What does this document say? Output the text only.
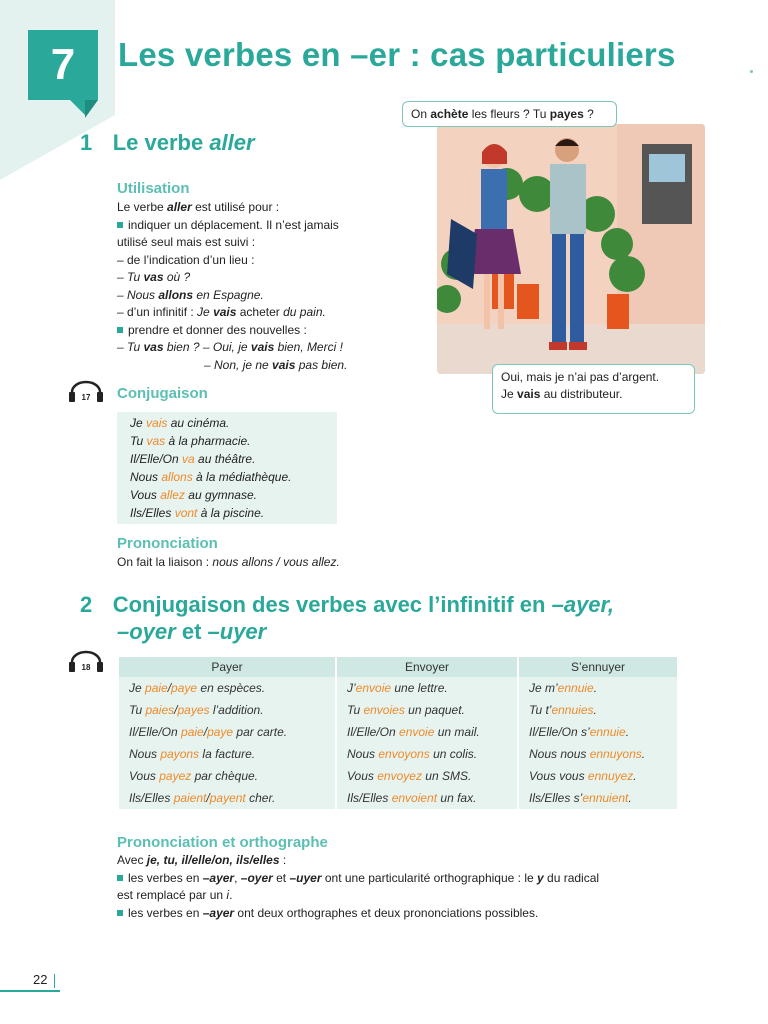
7	Les verbes en –er : cas particuliers
1 Le verbe aller
Utilisation
Le verbe aller est utilisé pour :
indiquer un déplacement. Il n’est jamais
utilisé seul mais est suivi :
– de l’indication d’un lieu :
– Tu vas où ?
– Nous allons en Espagne.
– d’un infinitif : Je vais acheter du pain.
prendre et donner des nouvelles :
– Tu vas bien ? – Oui, je vais bien, Merci !
– Non, je ne vais pas bien.
17 Conjugaison
Je vais au cinéma.
Tu vas à la pharmacie.
Il/Elle/On va au théâtre.
Nous allons à la médiathèque.
Vous allez au gymnase.
Ils/Elles vont à la piscine.
Prononciation
On fait la liaison : nous allons / vous allez.
On achète les fleurs ? Tu payes ?
Oui, mais je n’ai pas d’argent.
Je vais au distributeur.
2 Conjugaison des verbes avec l’infinitif en –ayer,
–oyer et –uyer
18	Payer	Envoyer	S’ennuyer
Je paie/paye en espèces.	J’envoie une lettre.	Je m’ennuie.
Tu paies/payes l’addition.	Tu envoies un paquet.	Tu t’ennuies.
Il/Elle/On paie/paye par carte.	Il/Elle/On envoie un mail.	Il/Elle/On s’ennuie.
Nous payons la facture.	Nous envoyons un colis.	Nous nous ennuyons.
Vous payez par chèque.	Vous envoyez un SMS.	Vous vous ennuyez.
Ils/Elles paient/payent cher.	Ils/Elles envoient un fax.	Ils/Elles s’ennuient.
Prononciation et orthographe
Avec je, tu, il/elle/on, ils/elles :
les verbes en –ayer, –oyer et –uyer ont une particularité orthographique : le y du radical
est remplacé par un i.
les verbes en –ayer ont deux orthographes et deux prononciations possibles.
22
